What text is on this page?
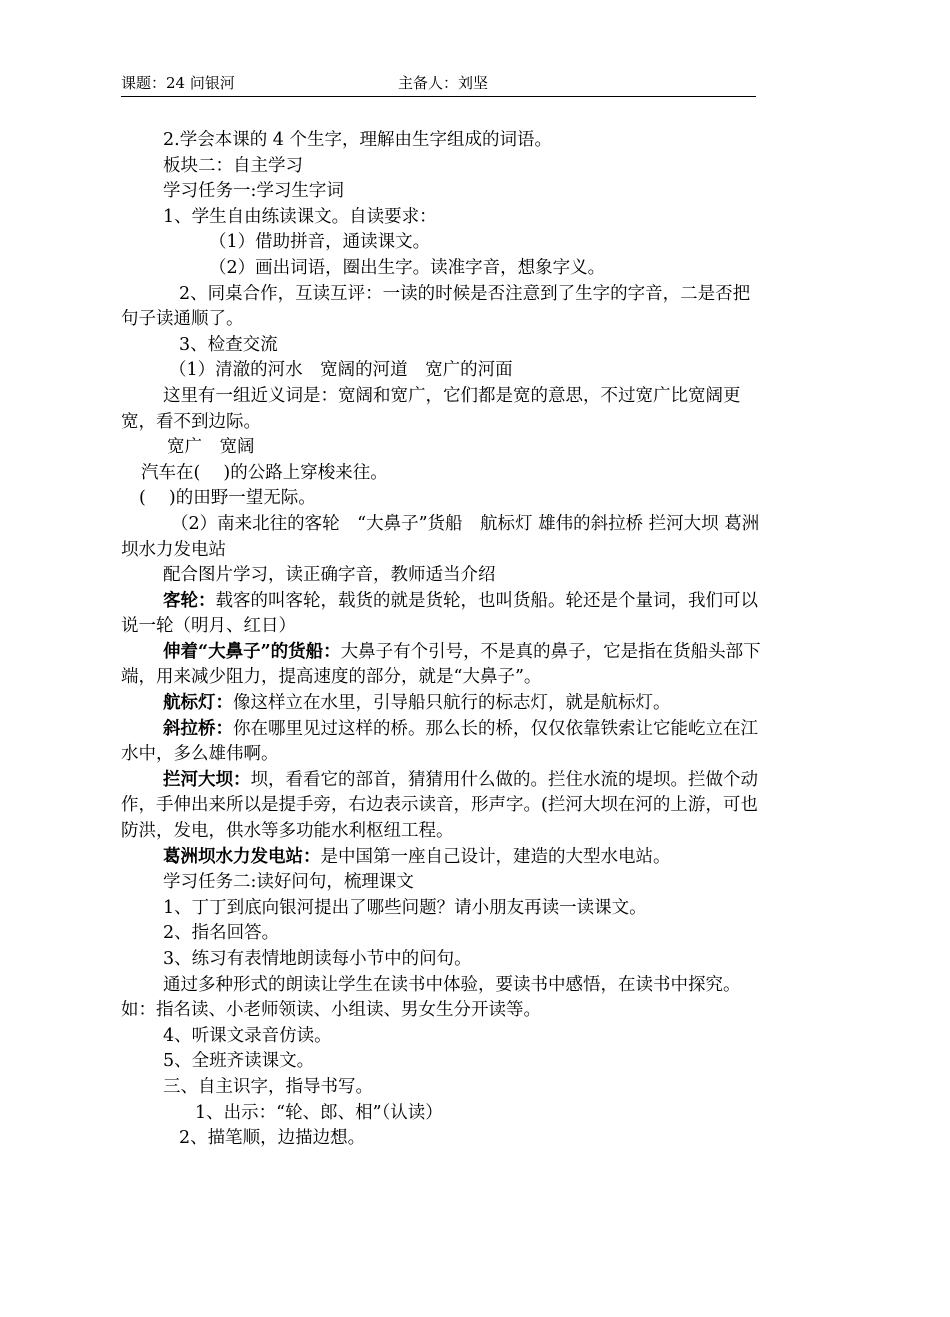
课题：24 问银河	主备人：刘坚

2.学会本课的 4 个生字，理解由生字组成的词语。

板块二：自主学习

学习任务一:学习生字词

1、学生自由练读课文。自读要求：

（1）借助拼音，通读课文。

（2）画出词语，圈出生字。读准字音，想象字义。

2、同桌合作，互读互评：一读的时候是否注意到了生字的字音，二是否把句子读通顺了。

3、检查交流

（1）清澈的河水　宽阔的河道　宽广的河面

这里有一组近义词是：宽阔和宽广，它们都是宽的意思，不过宽广比宽阔更宽，看不到边际。

宽广　宽阔

汽车在(　 )的公路上穿梭来往。

(　 )的田野一望无际。

（2）南来北往的客轮　“大鼻子”货船　航标灯 雄伟的斜拉桥 拦河大坝 葛洲坝水力发电站

配合图片学习，读正确字音，教师适当介绍

客轮：载客的叫客轮，载货的就是货轮，也叫货船。轮还是个量词，我们可以说一轮（明月、红日）

伸着“大鼻子”的货船：大鼻子有个引号，不是真的鼻子，它是指在货船头部下端，用来减少阻力，提高速度的部分，就是“大鼻子”。

航标灯：像这样立在水里，引导船只航行的标志灯，就是航标灯。

斜拉桥：你在哪里见过这样的桥。那么长的桥，仅仅依靠铁索让它能屹立在江水中，多么雄伟啊。

拦河大坝：坝，看看它的部首，猜猜用什么做的。拦住水流的堤坝。拦做个动作，手伸出来所以是提手旁，右边表示读音，形声字。(拦河大坝在河的上游，可也防洪，发电，供水等多功能水利枢纽工程。

葛洲坝水力发电站：是中国第一座自己设计，建造的大型水电站。

学习任务二:读好问句，梳理课文

1、丁丁到底向银河提出了哪些问题？请小朋友再读一读课文。

2、指名回答。

3、练习有表情地朗读每小节中的问句。

通过多种形式的朗读让学生在读书中体验，要读书中感悟，在读书中探究。如：指名读、小老师领读、小组读、男女生分开读等。

4、听课文录音仿读。

5、全班齐读课文。

三、自主识字，指导书写。

1、出示：“轮、郎、相”（认读）

2、描笔顺，边描边想。
